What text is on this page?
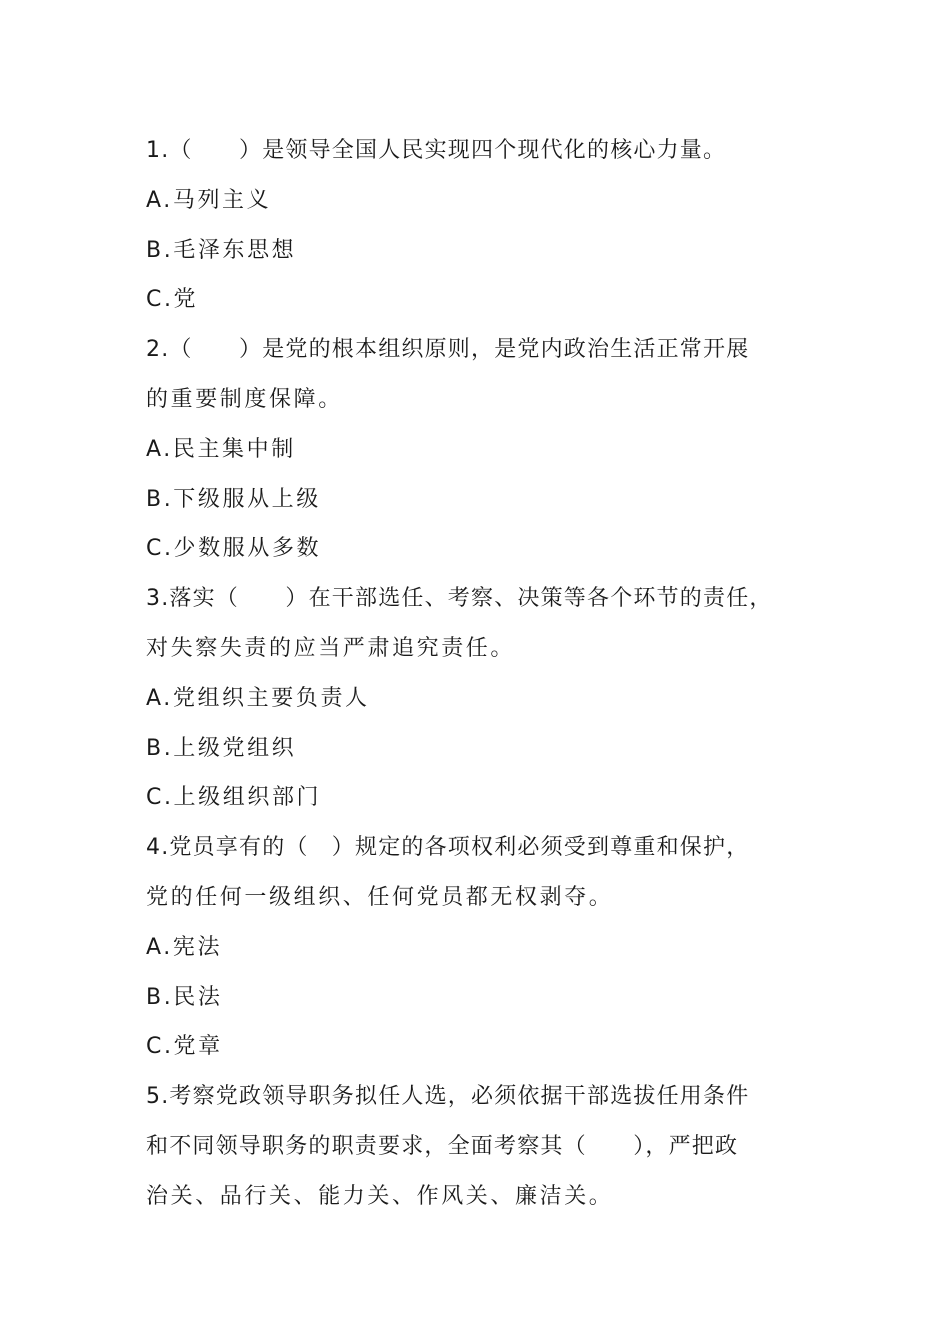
1.（　　）是领导全国人民实现四个现代化的核心力量。
A.马列主义
B.毛泽东思想
C.党
2.（　　）是党的根本组织原则，是党内政治生活正常开展
的重要制度保障。
A.民主集中制
B.下级服从上级
C.少数服从多数
3.落实（　　）在干部选任、考察、决策等各个环节的责任，
对失察失责的应当严肃追究责任。
A.党组织主要负责人
B.上级党组织
C.上级组织部门
4.党员享有的（　）规定的各项权利必须受到尊重和保护，
党的任何一级组织、任何党员都无权剥夺。
A.宪法
B.民法
C.党章
5.考察党政领导职务拟任人选，必须依据干部选拔任用条件
和不同领导职务的职责要求，全面考察其（　　），严把政
治关、品行关、能力关、作风关、廉洁关。
